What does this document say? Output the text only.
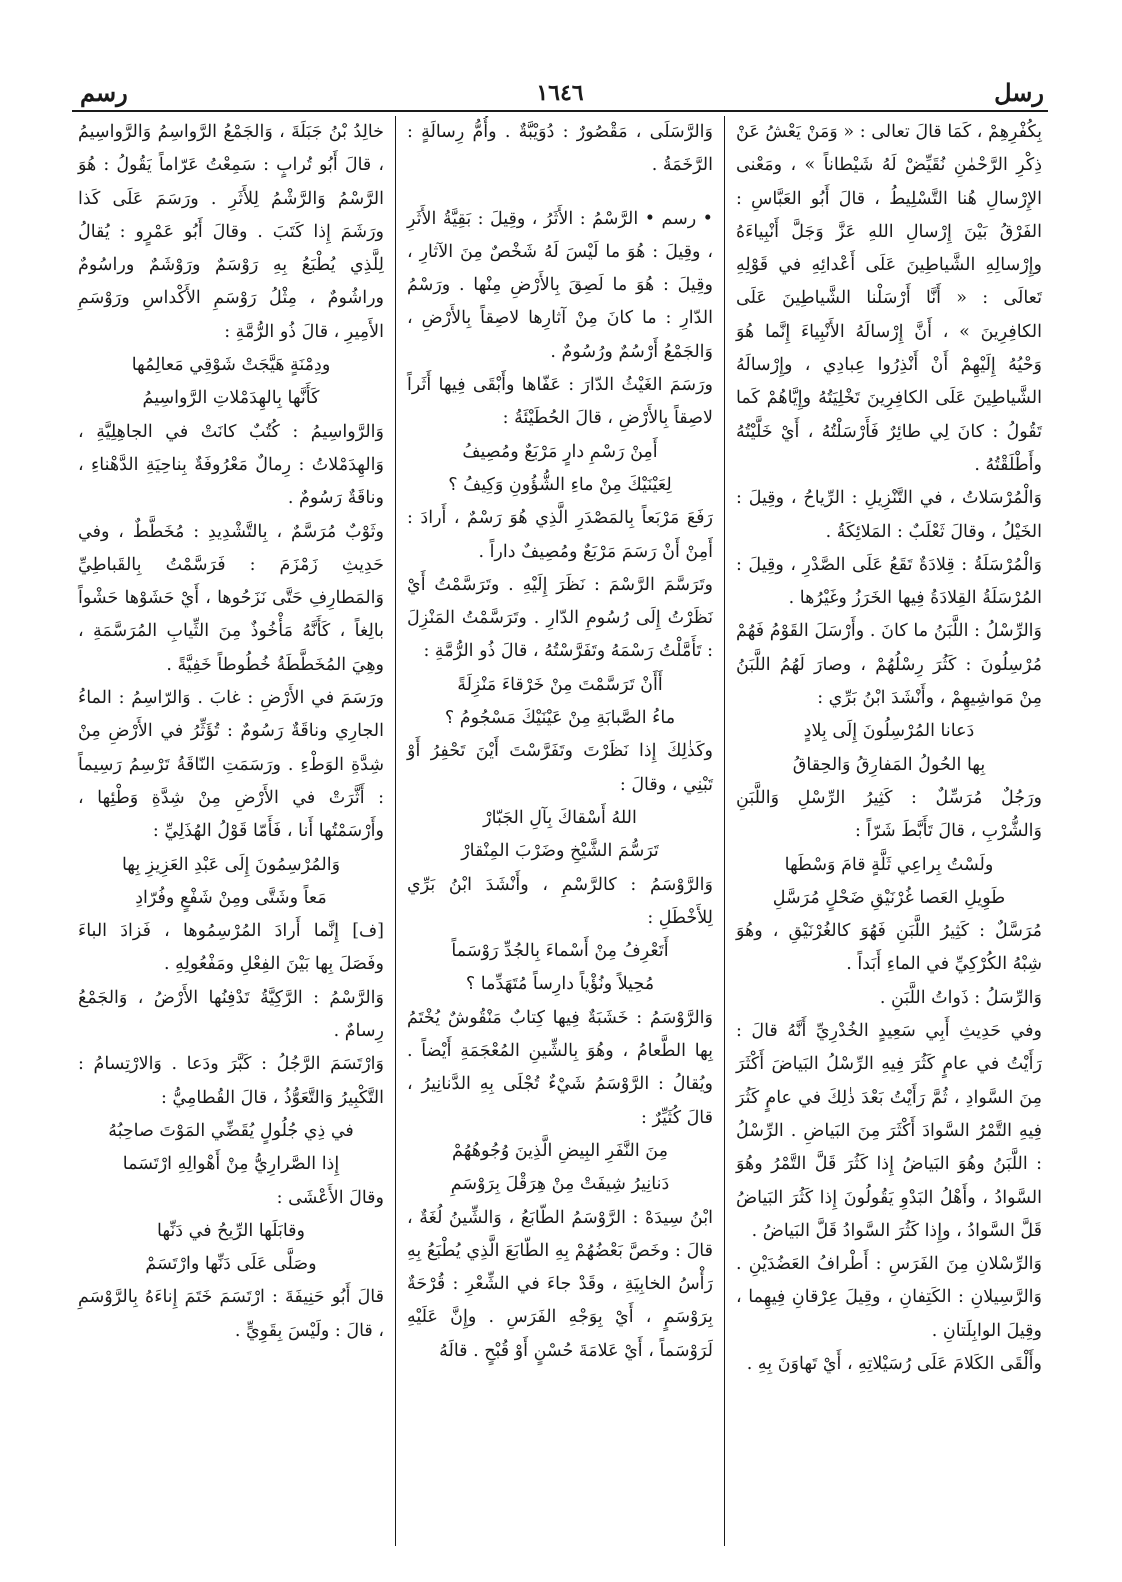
رسل
١٦٤٦
رسم

بِكُفْرِهِمْ ، كَمَا قالَ تعالى : « وَمَنْ يَعْشُ عَنْ ذِكْرِ الرَّحْمٰنِ نُقَيِّضْ لَهُ شَيْطاناً » ، ومَعْنى الإِرْسالِ هُنا التَّسْلِيطُ ، قالَ أَبُو العَبَّاسِ : الفَرْقُ بَيْنَ إِرْسالِ اللهِ عَزَّ وَجَلَّ أَنْبِياءَهُ وإِرْسالِهِ الشَّياطِينَ عَلَى أَعْدائِهِ في قَوْلِهِ تَعالَى : « أَنَّا أَرْسَلْنا الشَّياطِينَ عَلَى الكافِرِينَ » ، أَنَّ إِرْسالَهُ الأَنْبِياءَ إِنَّما هُوَ وَحْيُهُ إِلَيْهِمْ أَنْ أَنْذِرُوا عِبادِي ، وإِرْسالَهُ الشَّياطِينَ عَلَى الكافِرِينَ تَخْلِيَتُهُ وإِيَّاهُمْ كَما تَقُولُ : كانَ لِي طائِرٌ فَأَرْسَلْتُهُ ، أَيْ خَلَّيْتُهُ وأَطْلَقْتُهُ .

وَالْمُرْسَلاتُ ، في التَّنْزِيلِ : الرِّياحُ ، وقِيلَ : الخَيْلُ ، وقالَ ثَعْلَبٌ : المَلائِكَةُ .

وَالْمُرْسَلَةُ : قِلادَةٌ تَقَعُ عَلَى الصَّدْرِ ، وقِيلَ : المُرْسَلَةُ القِلادَةُ فِيها الخَرَزُ وغَيْرُها .

وَالرِّسْلُ : اللَّبَنُ ما كانَ . وأَرْسَلَ القَوْمُ فَهُمْ مُرْسِلُونَ : كَثُرَ رِسْلُهُمْ ، وصارَ لَهُمُ اللَّبَنُ مِنْ مَواشِيهِمْ ، وأَنْشَدَ ابْنُ بَرِّي :

دَعانا المُرْسِلُونَ إِلَى بِلادٍ

بِها الحُولُ المَفارِقُ وَالحِقاقُ

ورَجُلٌ مُرَسِّلٌ : كَثِيرُ الرِّسْلِ وَاللَّبَنِ وَالشُّرْبِ ، قالَ تَأَبَّطَ شَرّاً :

ولَسْتُ بِراعِي ثَلَّةٍ قامَ وَسْطَها

طَوِيلِ العَصا غُرْنَيْقِ ضَحْلٍ مُرَسَّلِ

مُرَسَّلٌ : كَثِيرُ اللَّبَنِ فَهُوَ كالغُرْنَيْقِ ، وهُوَ شِبْهُ الكُرْكِيِّ في الماءِ أَبَداً .

وَالرِّسَلُ : ذَواتُ اللَّبَنِ .

وفي حَدِيثِ أَبِي سَعِيدٍ الخُدْرِيِّ أَنَّهُ قالَ : رَأَيْتُ في عامٍ كَثُرَ فِيهِ الرِّسْلُ البَياضَ أَكْثَرَ مِنَ السَّوادِ ، ثُمَّ رَأَيْتُ بَعْدَ ذٰلِكَ في عامٍ كَثُرَ فِيهِ التَّمْرُ السَّوادَ أَكْثَرَ مِنَ البَياضِ . الرِّسْلُ : اللَّبَنُ وهُوَ البَياضُ إِذا كَثُرَ قَلَّ التَّمْرُ وهُوَ السَّوادُ ، وأَهْلُ البَدْوِ يَقُولُونَ إِذا كَثُرَ البَياضُ قَلَّ السَّوادُ ، وإِذا كَثُرَ السَّوادُ قَلَّ البَياضُ .

وَالرِّسْلانِ مِنَ الفَرَسِ : أَطْرافُ العَضُدَيْنِ . وَالرَّسِيلانِ : الكَتِفانِ ، وقِيلَ عِرْقانِ فِيهِما ، وقِيلَ الوابِلَتانِ .

وأَلْقَى الكَلامَ عَلَى رُسَيْلاتِهِ ، أَيْ تَهاوَنَ بِهِ .

وَالرَّسَلَى ، مَقْصُورٌ : دُوَيْبَّةٌ . وأُمُّ رِسالَةٍ : الرَّخَمَةُ .

• رسم • الرَّسْمُ : الأَثَرُ ، وقِيلَ : بَقِيَّةُ الأَثَرِ ، وقِيلَ : هُوَ ما لَيْسَ لَهُ شَخْصٌ مِنَ الآثارِ ، وقِيلَ : هُوَ ما لَصِقَ بِالأَرْضِ مِنْها . ورَسْمُ الدّارِ : ما كانَ مِنْ آثارِها لاصِقاً بِالأَرْضِ ، وَالجَمْعُ أَرْسُمٌ ورُسُومٌ .

ورَسَمَ الغَيْثُ الدّارَ : عَفّاها وأَبْقَى فِيها أَثَراً لاصِقاً بِالأَرْضِ ، قالَ الحُطَيْئَةُ :

أَمِنْ رَسْمِ دارٍ مَرْبَعٌ ومُصِيفُ

لِعَيْنَيْكَ مِنْ ماءِ الشُّؤُونِ وَكِيفُ ؟

رَفَعَ مَرْبَعاً بِالمَصْدَرِ الَّذِي هُوَ رَسْمٌ ، أَرادَ : أَمِنْ أَنْ رَسَمَ مَرْبَعٌ ومُصِيفٌ داراً .

وتَرَسَّمَ الرَّسْمَ : نَظَرَ إِلَيْهِ . وتَرَسَّمْتُ أَيْ نَظَرْتُ إِلَى رُسُومِ الدّارِ . وتَرَسَّمْتُ المَنْزِلَ : تَأَمَّلْتُ رَسْمَهُ وتَفَرَّسْتُهُ ، قالَ ذُو الرُّمَّةِ :

أَأَنْ تَرَسَّمْتَ مِنْ خَرْقاءَ مَنْزِلَةً

ماءُ الصَّبابَةِ مِنْ عَيْنَيْكَ مَسْجُومُ ؟

وكَذٰلِكَ إِذا نَظَرْتَ وتَفَرَّسْتَ أَيْنَ تَحْفِرُ أَوْ تَبْنِي ، وقالَ :

اللهُ أَسْقاكَ بِآلِ الجَبّارْ

تَرَسُّمَ الشَّيْخِ وضَرْبَ المِنْقارْ

وَالرَّوْسَمُ : كالرَّسْمِ ، وأَنْشَدَ ابْنُ بَرِّي لِلأَخْطَلِ :

أَتَعْرِفُ مِنْ أَسْماءَ بِالجُدِّ رَوْسَماً

مُحِيلاً ونُؤْياً دارِساً مُتَهَدِّما ؟

وَالرَّوْسَمُ : خَشَبَةٌ فِيها كِتابٌ مَنْقُوشٌ يُخْتَمُ بِها الطَّعامُ ، وهُوَ بِالشِّينِ المُعْجَمَةِ أَيْضاً . ويُقالُ : الرَّوْسَمُ شَيْءٌ تُجْلَى بِهِ الدَّنانِيرُ ، قالَ كُثَيِّرٌ :

مِنَ النَّفَرِ البِيضِ الَّذِينَ وُجُوهُهُمْ

دَنانِيرُ شِيفَتْ مِنْ هِرَقْلَ بِرَوْسَمِ

ابْنُ سِيدَهْ : الرَّوْسَمُ الطّابَعُ ، وَالشِّينُ لُغَةٌ ، قالَ : وخَصَّ بَعْضُهُمْ بِهِ الطّابَعَ الَّذِي يُطْبَعُ بِهِ رَأْسُ الخابِيَةِ ، وقَدْ جاءَ في الشِّعْرِ : قُرْحَةٌ بِرَوْسَمٍ ، أَيْ بِوَجْهِ الفَرَسِ . وإِنَّ عَلَيْهِ لَرَوْسَماً ، أَيْ عَلامَةَ حُسْنٍ أَوْ قُبْحٍ . قالَهُ

خالِدُ بْنُ جَبَلَةَ ، وَالجَمْعُ الرَّواسِمُ وَالرَّواسِيمُ ، قالَ أَبُو تُرابٍ : سَمِعْتُ عَرّاماً يَقُولُ : هُوَ الرَّسْمُ وَالرَّشْمُ لِلأَثَرِ . ورَسَمَ عَلَى كَذا ورَشَمَ إِذا كَتَبَ . وقالَ أَبُو عَمْرٍو : يُقالُ لِلَّذِي يُطْبَعُ بِهِ رَوْسَمٌ ورَوْشَمٌ وراسُومٌ وراشُومٌ ، مِثْلُ رَوْسَمِ الأَكْداسِ ورَوْسَمِ الأَمِيرِ ، قالَ ذُو الرُّمَّةِ :

ودِمْنَةٍ هَيَّجَتْ شَوْقِي مَعالِمُها

كَأَنَّها بِالهِدَمْلاتِ الرَّواسِيمُ

وَالرَّواسِيمُ : كُتُبٌ كانَتْ في الجاهِلِيَّةِ ، وَالهِدَمْلاتُ : رِمالٌ مَعْرُوفَةٌ بِناحِيَةِ الدَّهْناءِ ، وناقَةٌ رَسُومٌ .

وثَوْبٌ مُرَسَّمٌ ، بِالتَّشْدِيدِ : مُخَطَّطٌ ، وفي حَدِيثِ زَمْزَمَ : فَرَسَّمْتُ بِالقَباطِيِّ وَالمَطارِفِ حَتَّى نَزَحُوها ، أَيْ حَشَوْها حَشْواً بالِغاً ، كَأَنَّهُ مَأْخُوذٌ مِنَ الثِّيابِ المُرَسَّمَةِ ، وهِيَ المُخَطَّطَةُ خُطُوطاً خَفِيَّةً .

ورَسَمَ في الأَرْضِ : غابَ . وَالرّاسِمُ : الماءُ الجارِي وناقَةٌ رَسُومٌ : تُؤَثِّرُ في الأَرْضِ مِنْ شِدَّةِ الوَطْءِ . ورَسَمَتِ النّاقَةُ تَرْسِمُ رَسِيماً : أَثَّرَتْ في الأَرْضِ مِنْ شِدَّةِ وَطْئِها ، وأَرْسَمْتُها أَنا ، فَأَمّا قَوْلُ الهُذَلِيِّ :

وَالمُرْسِمُونَ إِلَى عَبْدِ العَزِيزِ بِها

مَعاً وشَتَّى ومِنْ شَفْعٍ وفُرّادِ

[ف] إِنَّما أَرادَ المُرْسِمُوها ، فَزادَ الباءَ وفَصَلَ بِها بَيْنَ الفِعْلِ ومَفْعُولِهِ .

وَالرَّسْمُ : الرَّكِيَّةُ تَدْفِنُها الأَرْضُ ، وَالجَمْعُ رِسامٌ .

وَارْتَسَمَ الرَّجُلُ : كَبَّرَ ودَعا . وَالارْتِسامُ : التَّكْبِيرُ وَالتَّعَوُّذُ ، قالَ القُطامِيُّ :

في ذِي جُلُولٍ يُقَضِّي المَوْتَ صاحِبُهُ

إِذا الصَّرارِيُّ مِنْ أَهْوالِهِ ارْتَسَما

وقالَ الأَعْشَى :

وقابَلَها الرِّيحُ في دَنِّها

وصَلَّى عَلَى دَنِّها وارْتَسَمْ

قالَ أَبُو حَنِيفَةَ : ارْتَسَمَ خَتَمَ إِناءَهُ بِالرَّوْسَمِ ، قالَ : ولَيْسَ بِقَوِيٍّ .
